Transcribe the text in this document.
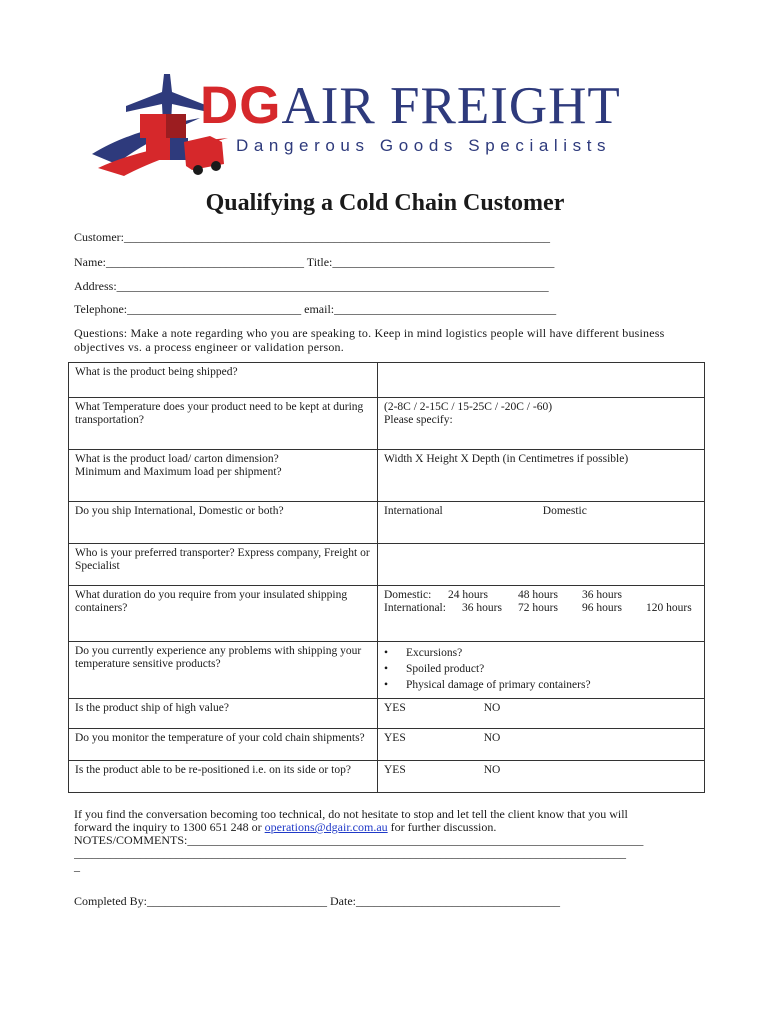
DGAIR FREIGHT
Dangerous Goods Specialists
Qualifying a Cold Chain Customer
Customer:_______________________________________________________________________
Name:_________________________________ Title:_____________________________________
Address:________________________________________________________________________
Telephone:_____________________________ email:_____________________________________
Questions: Make a note regarding who you are speaking to. Keep in mind logistics people will have different business objectives vs. a process engineer or validation person.
What is the product being shipped?	
What Temperature does your product need to be kept at during transportation?	(2-8C / 2-15C / 15-25C / -20C / -60)
Please specify:

What is the product load/ carton dimension?
Minimum and Maximum load per shipment?	Width X Height X Depth (in Centimetres if possible)
Do you ship International, Domestic or both?	International Domestic
Who is your preferred transporter? Express company, Freight or Specialist	
What duration do you require from your insulated shipping containers?	Domestic: 24 hours 48 hours 36 hours
International: 36 hours 72 hours 96 hours 120 hours

Do you currently experience any problems with shipping your temperature sensitive products?	• Excursions?
• Spoiled product?
• Physical damage of primary containers?

Is the product ship of high value?	YES NO
Do you monitor the temperature of your cold chain shipments?	YES NO
Is the product able to be re-positioned i.e. on its side or top?	YES NO
If you find the conversation becoming too technical, do not hesitate to stop and let tell the client know that you will
forward the inquiry to 1300 651 248 or operations@dgair.com.au for further discussion.
NOTES/COMMENTS:____________________________________________________________________________
____________________________________________________________________________________________
_
Completed By:______________________________ Date:__________________________________
